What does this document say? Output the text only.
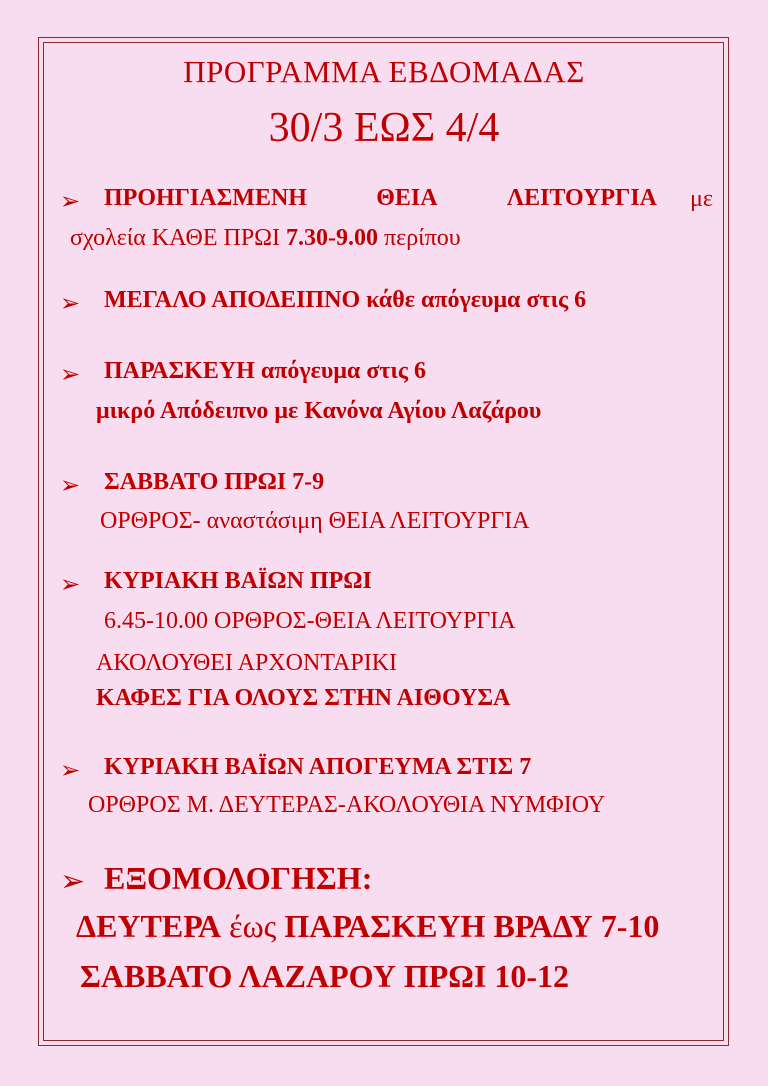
ΠΡΟΓΡΑΜΜΑ ΕΒΔΟΜΑΔΑΣ
30/3 ΕΩΣ 4/4
➢ ΠΡΟΗΓΙΑΣΜΕΝΗ	ΘΕΙΑ	ΛΕΙΤΟΥΡΓΙΑ με
σχολεία ΚΑΘΕ ΠΡΩΙ 7.30-9.00 περίπου
➢ ΜΕΓΑΛΟ ΑΠΟΔΕΙΠΝΟ κάθε απόγευμα στις 6
➢ ΠΑΡΑΣΚΕΥΗ απόγευμα στις 6
μικρό Απόδειπνο με Κανόνα Αγίου Λαζάρου
➢ ΣΑΒΒΑΤΟ ΠΡΩΙ 7-9
ΟΡΘΡΟΣ- αναστάσιμη ΘΕΙΑ ΛΕΙΤΟΥΡΓΙΑ
➢ ΚΥΡΙΑΚΗ ΒΑΪΩΝ ΠΡΩΙ
6.45-10.00 ΟΡΘΡΟΣ-ΘΕΙΑ ΛΕΙΤΟΥΡΓΙΑ
ΑΚΟΛΟΥΘΕΙ ΑΡΧΟΝΤΑΡΙΚΙ
ΚΑΦΕΣ ΓΙΑ ΟΛΟΥΣ ΣΤΗΝ ΑΙΘΟΥΣΑ
➢ ΚΥΡΙΑΚΗ ΒΑΪΩΝ ΑΠΟΓΕΥΜΑ ΣΤΙΣ 7
ΟΡΘΡΟΣ Μ. ΔΕΥΤΕΡΑΣ-ΑΚΟΛΟΥΘΙΑ ΝΥΜΦΙΟΥ
➢ ΕΞΟΜΟΛΟΓΗΣΗ:
ΔΕΥΤΕΡΑ έως ΠΑΡΑΣΚΕΥΗ ΒΡΑΔΥ 7-10
ΣΑΒΒΑΤΟ ΛΑΖΑΡΟΥ ΠΡΩΙ 10-12
